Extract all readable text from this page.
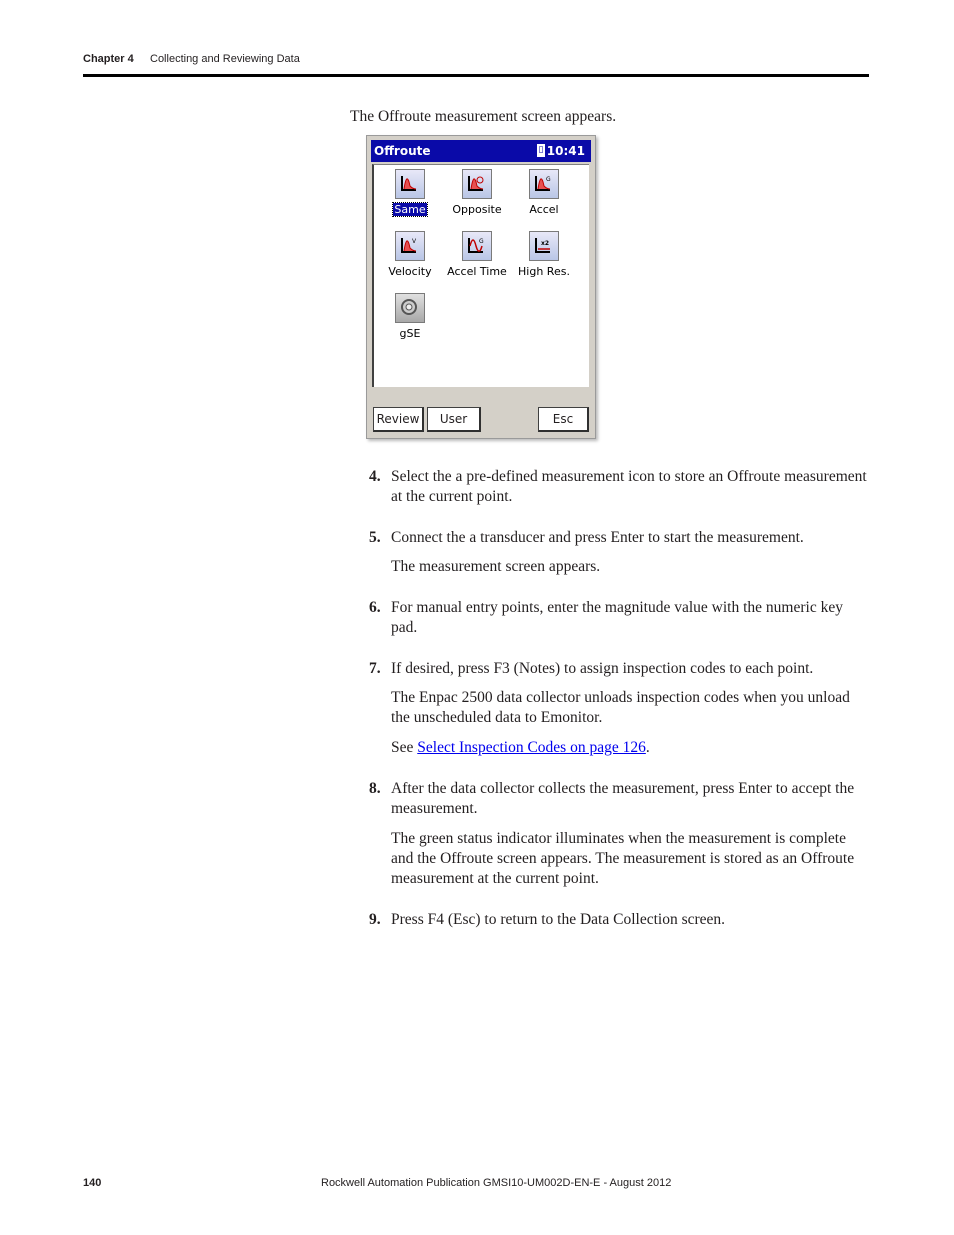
Chapter 4 Collecting and Reviewing Data
The Offroute measurement screen appears.
Offroute	▯ 10:41
Same	Opposite
G
Accel
V
Velocity
G
Accel Time
x2
High Res.
gSE
Review	User	Esc
4. Select the a pre-defined measurement icon to store an Offroute measurement at the current point.
5. Connect the a transducer and press Enter to start the measurement.
The measurement screen appears.
6. For manual entry points, enter the magnitude value with the numeric key pad.
7. If desired, press F3 (Notes) to assign inspection codes to each point.
The Enpac 2500 data collector unloads inspection codes when you unload the unscheduled data to Emonitor.
See Select Inspection Codes on page 126.
8. After the data collector collects the measurement, press Enter to accept the measurement.
The green status indicator illuminates when the measurement is complete and the Offroute screen appears. The measurement is stored as an Offroute measurement at the current point.
9. Press F4 (Esc) to return to the Data Collection screen.
140	Rockwell Automation Publication GMSI10-UM002D-EN-E - August 2012
